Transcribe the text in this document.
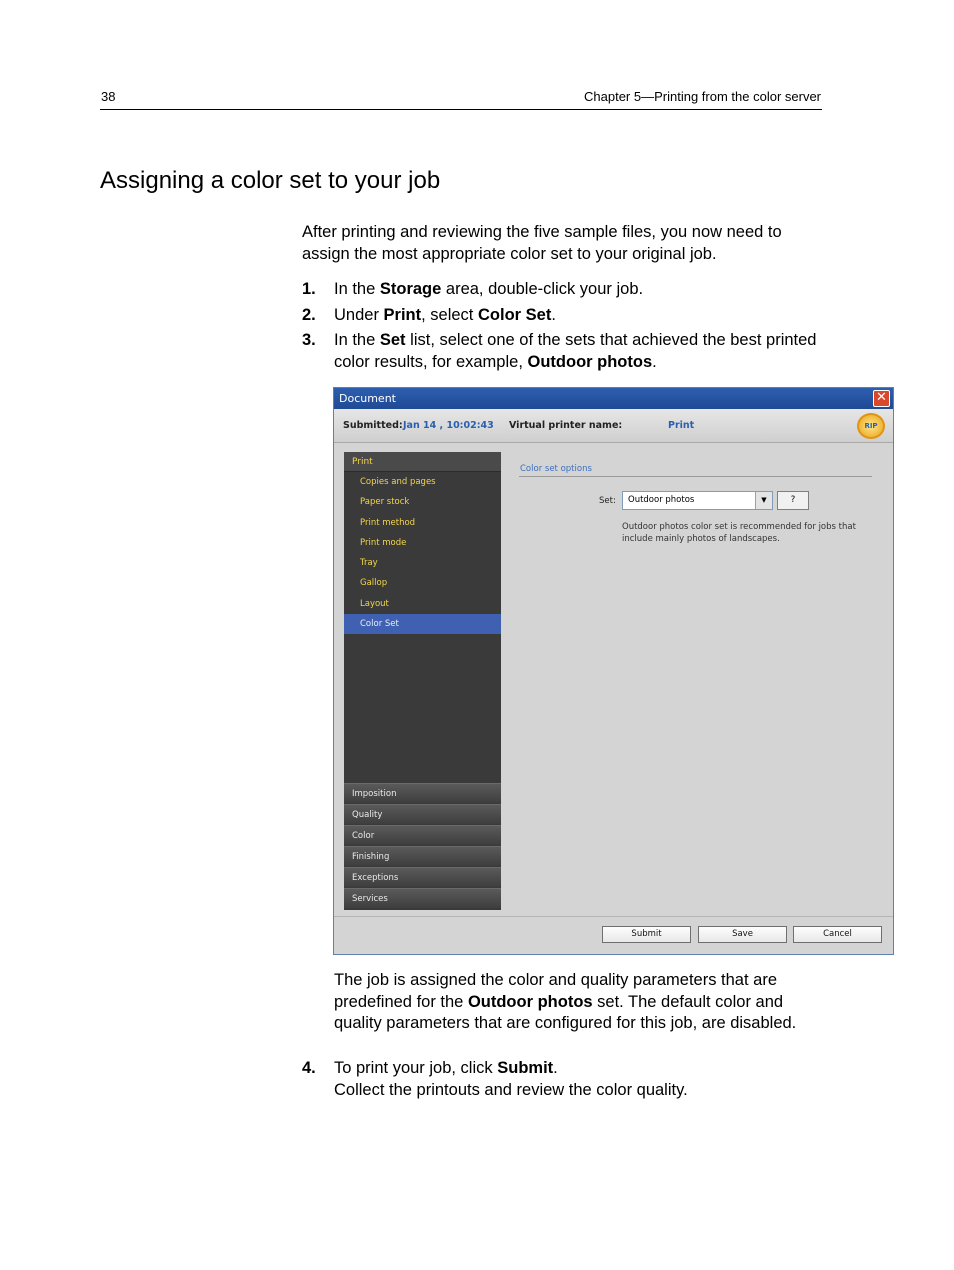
38	Chapter 5—Printing from the color server
Assigning a color set to your job

After printing and reviewing the five sample files, you now need to assign the most appropriate color set to your original job.

1. In the Storage area, double-click your job.
2. Under Print, select Color Set.
3. In the Set list, select one of the sets that achieved the best printed color results, for example, Outdoor photos.
Document	✕
Submitted: Jan 14 , 10:02:43 Virtual printer name:	Print	RIP
Print
Copies and pages
Paper stock
Print method
Print mode
Tray
Gallop
Layout
Color Set
Imposition
Quality
Color
Finishing
Exceptions
Services
Color set options
Set:	Outdoor photos	▼	?
Outdoor photos color set is recommended for jobs that include mainly photos of landscapes.
Submit	Save	Cancel

The job is assigned the color and quality parameters that are predefined for the Outdoor photos set. The default color and quality parameters that are configured for this job, are disabled.

4. To print your job, click Submit.
Collect the printouts and review the color quality.
